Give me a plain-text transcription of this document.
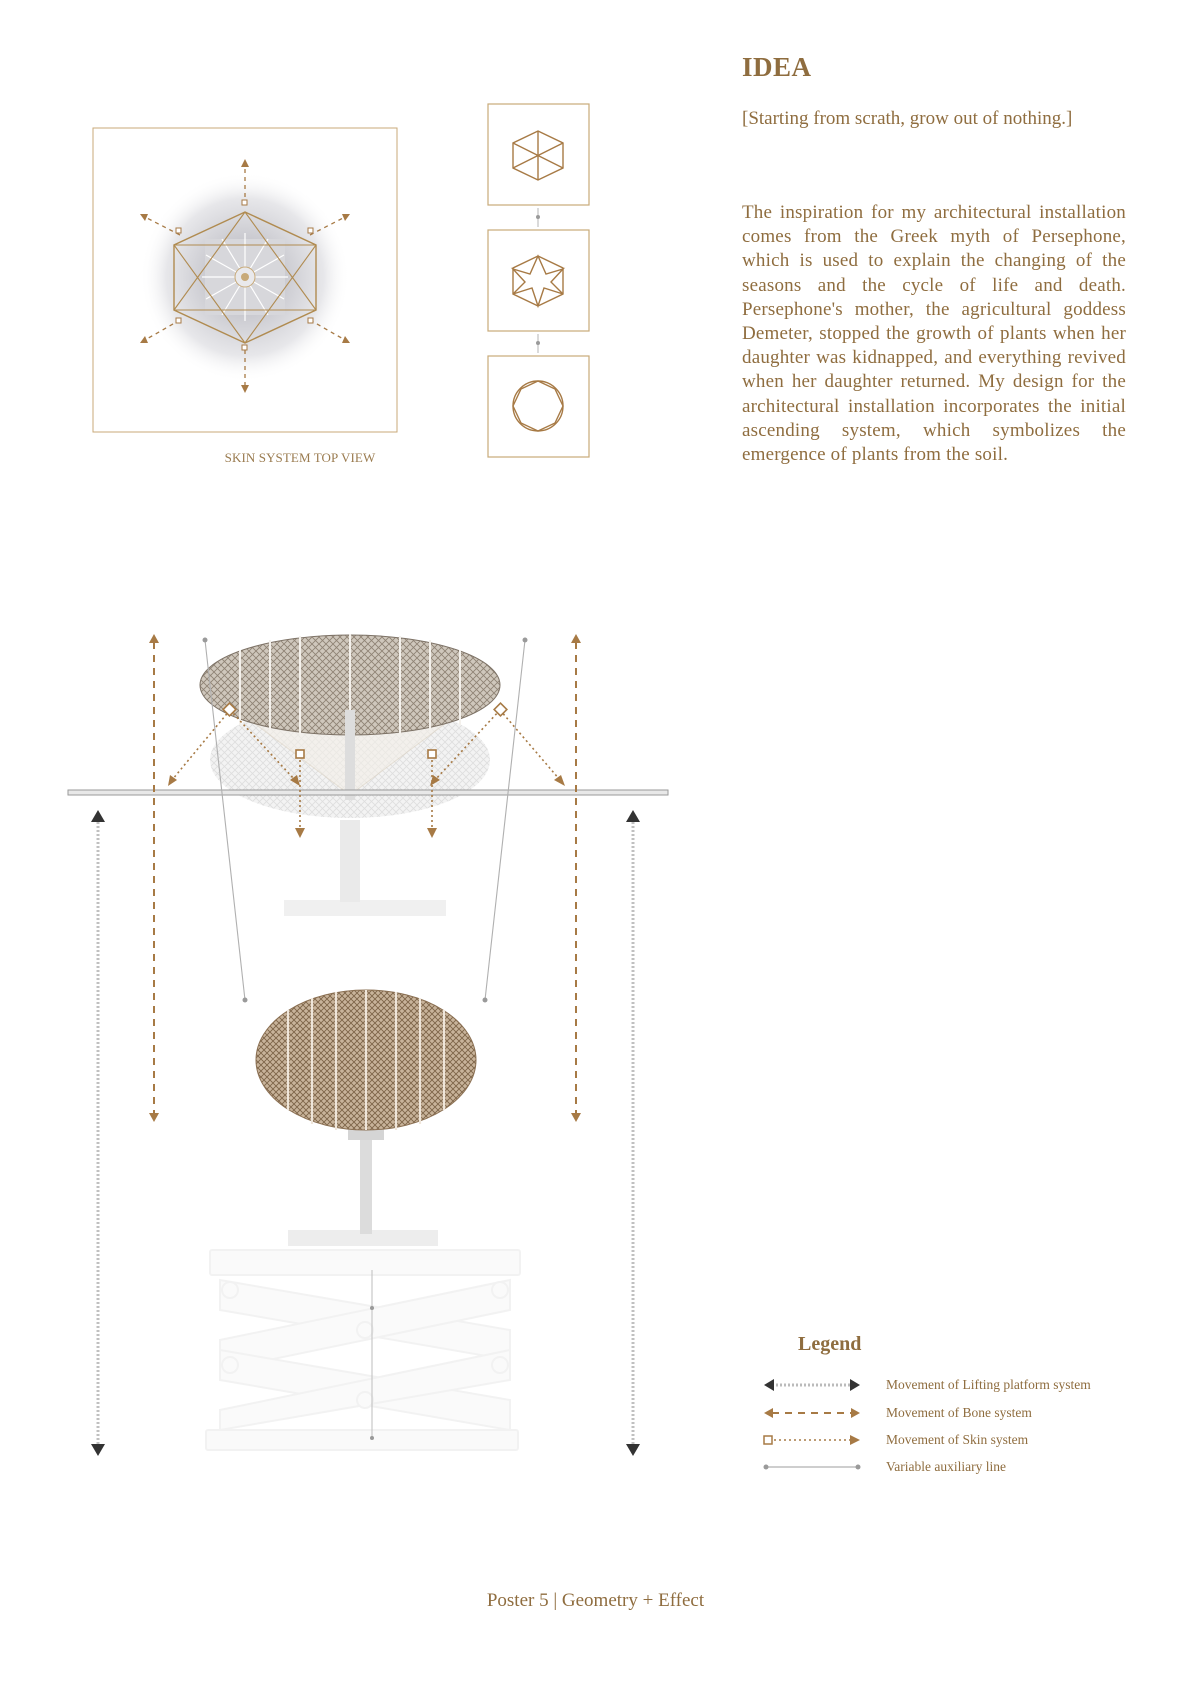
IDEA
[Starting from scrath, grow out of nothing.]
The inspiration for my architectural installation comes from the Greek myth of Persephone, which is used to explain the changing of the seasons and the cycle of life and death. Persephone's mother, the agricultural goddess Demeter, stopped the growth of plants when her daughter was kidnapped, and everything revived when her daughter returned. My design for the architectural installation incorporates the initial ascending system, which symbolizes the emergence of plants from the soil.
SKIN SYSTEM TOP VIEW
Legend
Movement of Lifting platform system
Movement of Bone system
Movement of Skin system
Variable auxiliary line
Poster 5 | Geometry + Effect
